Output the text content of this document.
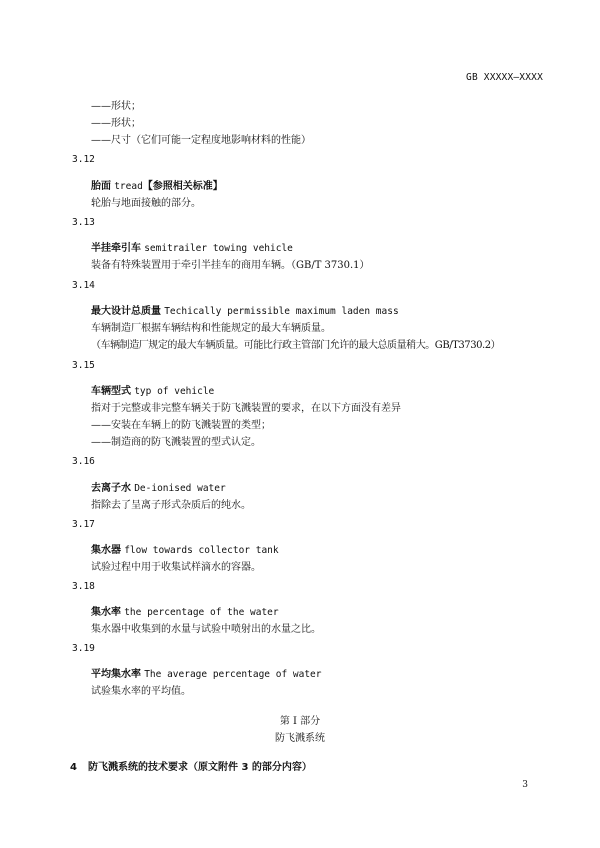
GB XXXXX—XXXX
——形状；
——形状；
——尺寸（它们可能一定程度地影响材料的性能）
3.12
胎面 tread【参照相关标准】
轮胎与地面接触的部分。
3.13
半挂牵引车 semitrailer towing vehicle
装备有特殊装置用于牵引半挂车的商用车辆。（GB/T 3730.1）
3.14
最大设计总质量 Techically permissible maximum laden mass
车辆制造厂根据车辆结构和性能规定的最大车辆质量。
（车辆制造厂规定的最大车辆质量。可能比行政主管部门允许的最大总质量稍大。GB/T3730.2）
3.15
车辆型式 typ of vehicle
指对于完整或非完整车辆关于防飞溅装置的要求，在以下方面没有差异
——安装在车辆上的防飞溅装置的类型；
——制造商的防飞溅装置的型式认定。
3.16
去离子水 De-ionised water
指除去了呈离子形式杂质后的纯水。
3.17
集水器 flow towards collector tank
试验过程中用于收集试样滴水的容器。
3.18
集水率 the percentage of the water
集水器中收集到的水量与试验中喷射出的水量之比。
3.19
平均集水率 The average percentage of water
试验集水率的平均值。
第 I 部分
防飞溅系统
4 防飞溅系统的技术要求（原文附件 3 的部分内容）
3
